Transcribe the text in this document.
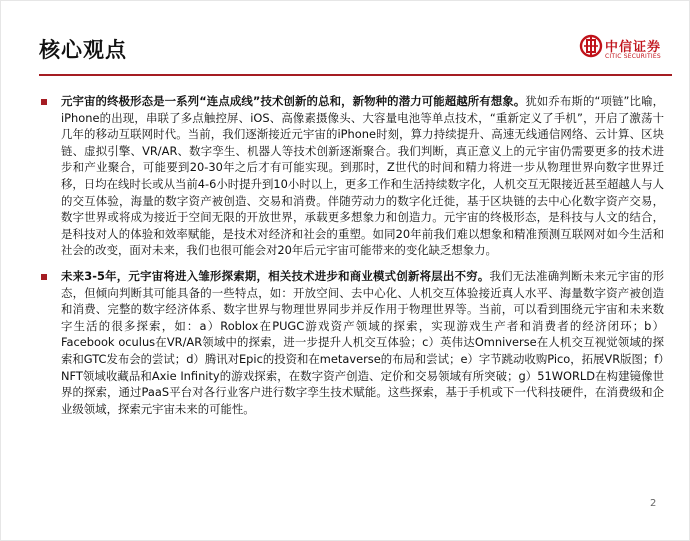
核心观点	中信证券
CITIC SECURITIES

元宇宙的终极形态是一系列“连点成线”技术创新的总和，新物种的潜力可能超越所有想象。犹如乔布斯的“项链”比喻，iPhone的出现，串联了多点触控屏、iOS、高像素摄像头、大容量电池等单点技术，“重新定义了手机”，开启了激荡十几年的移动互联网时代。当前，我们逐渐接近元宇宙的iPhone时刻，算力持续提升、高速无线通信网络、云计算、区块链、虚拟引擎、VR/AR、数字孪生、机器人等技术创新逐渐聚合。我们判断，真正意义上的元宇宙仍需要更多的技术进步和产业聚合，可能要到20-30年之后才有可能实现。到那时，Z世代的时间和精力将进一步从物理世界向数字世界迁移，日均在线时长或从当前4-6小时提升到10小时以上，更多工作和生活持续数字化，人机交互无限接近甚至超越人与人的交互体验，海量的数字资产被创造、交易和消费。伴随劳动力的数字化迁徙，基于区块链的去中心化数字资产交易，数字世界或将成为接近于空间无限的开放世界，承载更多想象力和创造力。元宇宙的终极形态，是科技与人文的结合，是科技对人的体验和效率赋能，是技术对经济和社会的重塑。如同20年前我们难以想象和精准预测互联网对如今生活和社会的改变，面对未来，我们也很可能会对20年后元宇宙可能带来的变化缺乏想象力。

未来3-5年，元宇宙将进入雏形探索期，相关技术进步和商业模式创新将层出不穷。我们无法准确判断未来元宇宙的形态，但倾向判断其可能具备的一些特点，如：开放空间、去中心化、人机交互体验接近真人水平、海量数字资产被创造和消费、完整的数字经济体系、数字世界与物理世界同步并反作用于物理世界等。当前，可以看到围绕元宇宙和未来数字生活的很多探索，如：a）Roblox在PUGC游戏资产领域的探索，实现游戏生产者和消费者的经济闭环；b）Facebook oculus在VR/AR领域中的探索，进一步提升人机交互体验；c）英伟达Omniverse在人机交互视觉领域的探索和GTC发布会的尝试；d）腾讯对Epic的投资和在metaverse的布局和尝试；e）字节跳动收购Pico，拓展VR版图；f）NFT领域收藏品和Axie Infinity的游戏探索，在数字资产创造、定价和交易领域有所突破；g）51WORLD在构建镜像世界的探索，通过PaaS平台对各行业客户进行数字孪生技术赋能。这些探索，基于手机或下一代科技硬件，在消费级和企业级领域，探索元宇宙未来的可能性。

2
